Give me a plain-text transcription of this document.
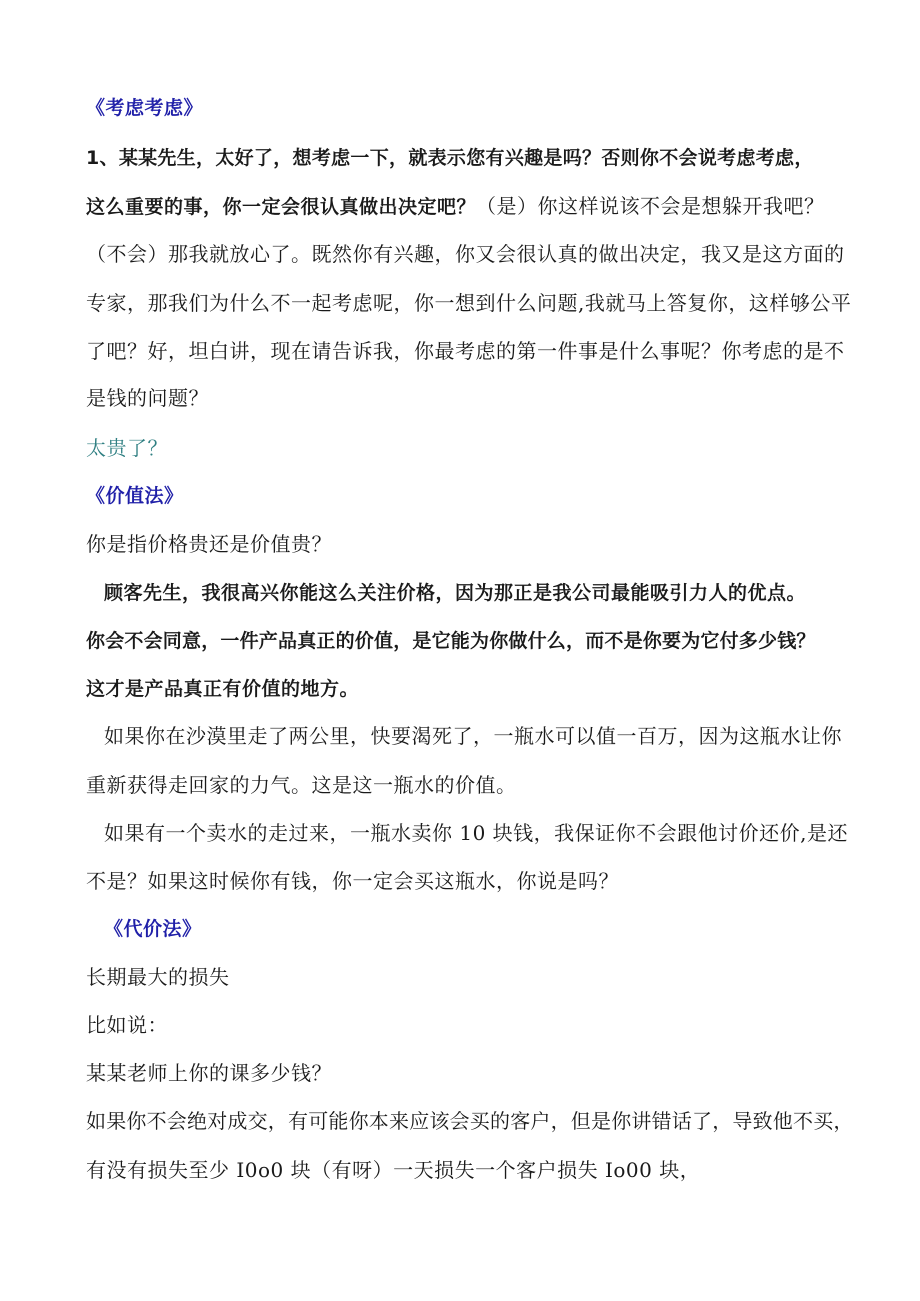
《考虑考虑》

1、某某先生，太好了，想考虑一下，就表示您有兴趣是吗？否则你不会说考虑考虑，

这么重要的事，你一定会很认真做出决定吧？（是）你这样说该不会是想躲开我吧？

（不会）那我就放心了。既然你有兴趣，你又会很认真的做出决定，我又是这方面的

专家，那我们为什么不一起考虑呢，你一想到什么问题,我就马上答复你，这样够公平

了吧？好，坦白讲，现在请告诉我，你最考虑的第一件事是什么事呢？你考虑的是不

是钱的问题？

太贵了？

《价值法》

你是指价格贵还是价值贵？

顾客先生，我很高兴你能这么关注价格，因为那正是我公司最能吸引力人的优点。

你会不会同意，一件产品真正的价值，是它能为你做什么，而不是你要为它付多少钱？

这才是产品真正有价值的地方。

如果你在沙漠里走了两公里，快要渴死了，一瓶水可以值一百万，因为这瓶水让你

重新获得走回家的力气。这是这一瓶水的价值。

如果有一个卖水的走过来，一瓶水卖你 10 块钱，我保证你不会跟他讨价还价,是还

不是？如果这时候你有钱，你一定会买这瓶水，你说是吗？

《代价法》

长期最大的损失

比如说：

某某老师上你的课多少钱？

如果你不会绝对成交，有可能你本来应该会买的客户，但是你讲错话了，导致他不买，

有没有损失至少 I0o0 块（有呀）一天损失一个客户损失 Io00 块，
